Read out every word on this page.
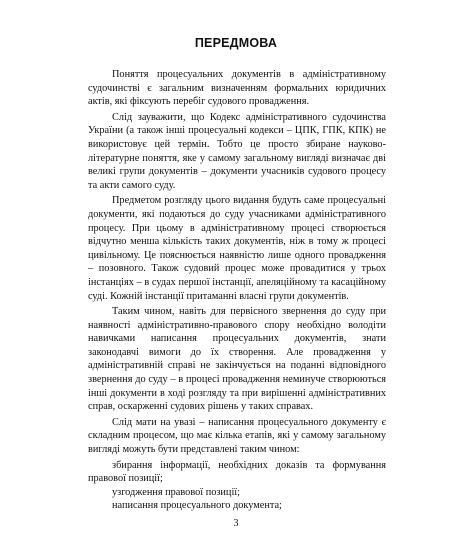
ПЕРЕДМОВА

Поняття процесуальних документів в адміністративному судочинстві є загальним визначенням формальних юридичних актів, які фіксують перебіг судового провадження.

Слід зауважити, що Кодекс адміністративного судочинства України (а також інші процесуальні кодекси – ЦПК, ГПК, КПК) не використовує цей термін. Тобто це просто збиране науково-літературне поняття, яке у самому загальному вигляді визначає дві великі групи документів – документи учасників судового процесу та акти самого суду.

Предметом розгляду цього видання будуть саме процесуальні документи, які подаються до суду учасниками адміністративного процесу. При цьому в адміністративному процесі створюється відчутно менша кількість таких документів, ніж в тому ж процесі цивільному. Це пояснюється наявністю лише одного провадження – позовного. Також судовий процес може провадитися у трьох інстанціях – в судах першої інстанції, апеляційному та касаційному суді. Кожній інстанції притаманні власні групи документів.

Таким чином, навіть для первісного звернення до суду при наявності адміністративно-правового спору необхідно володіти навичками написання процесуальних документів, знати законодавчі вимоги до їх створення. Але провадження у адміністративній справі не закінчується на поданні відповідного звернення до суду – в процесі провадження неминуче створюються інші документи в ході розгляду та при вирішенні адміністративних справ, оскарженні судових рішень у таких справах.

Слід мати на увазі – написання процесуального документу є складним процесом, що має кілька етапів, які у самому загальному вигляді можуть бути представлені таким чином:

збирання інформації, необхідних доказів та формування правової позиції;

узгодження правової позиції;

написання процесуального документа;

3
